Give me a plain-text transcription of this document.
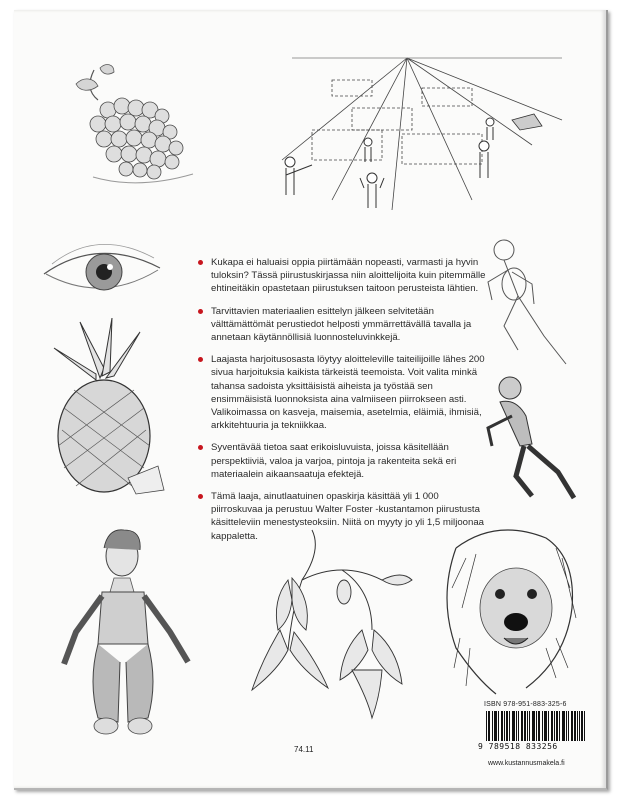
Kukapa ei haluaisi oppia piirtämään nopeasti, varmasti ja hyvin tuloksin? Tässä piirustuskirjassa niin aloittelijoita kuin pitemmälle ehtineitäkin opastetaan piirustuksen taitoon perusteista lähtien.

Tarvittavien materiaalien esittelyn jälkeen selvitetään välttämättömät perustiedot helposti ymmärrettävällä tavalla ja annetaan käytännöllisiä luonnosteluvinkkejä.

Laajasta harjoitusosasta löytyy aloitteleville taiteilijoille lähes 200 sivua harjoituksia kaikista tärkeistä teemoista. Voit valita minkä tahansa sadoista yksittäisistä aiheista ja työstää sen ensimmäisistä luonnoksista aina valmiiseen piirrokseen asti. Valikoimassa on kasveja, maisemia, asetelmia, eläimiä, ihmisiä, arkkitehtuuria ja tekniikkaa.

Syventävää tietoa saat erikoisluvuista, joissa käsitellään perspektiiviä, valoa ja varjoa, pintoja ja rakenteita sekä eri materiaalein aikaansaatuja efektejä.

Tämä laaja, ainutlaatuinen opaskirja käsittää yli 1 000 piirroskuvaa ja perustuu Walter Foster -kustantamon piirustusta käsitteleviin menestysteoksiin. Niitä on myyty jo yli 1,5 miljoonaa kappaletta.

74.11
ISBN 978-951-883-325-6
9 789518 833256
www.kustannusmakela.fi
